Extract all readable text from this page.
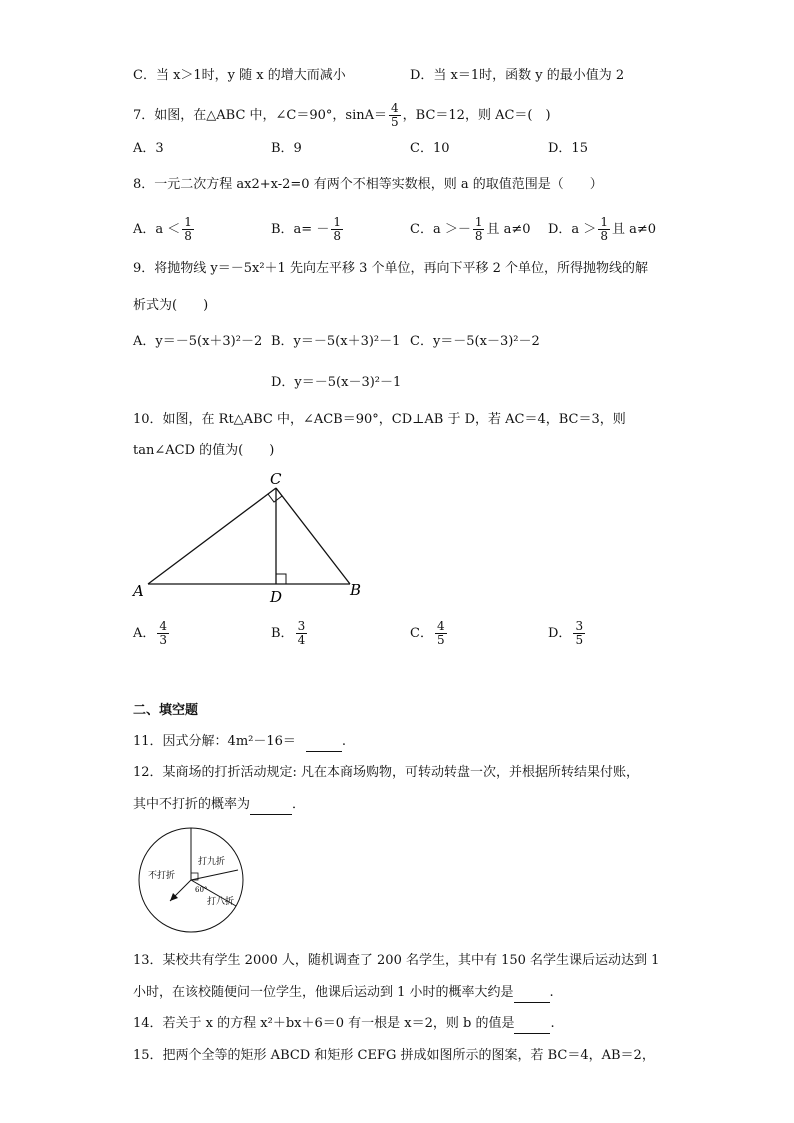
C．当 x＞1时，y 随 x 的增大而减小	D．当 x＝1时，函数 y 的最小值为 2
7．如图，在△ABC 中，∠C＝90°，$\sin A= \frac{4}{5}$ ，BC＝12，则 AC＝(　)
A．3	B．9	C．10	D．15
8．一元二次方程 ax2+x-2=0 有两个不相等实数根，则 a 的取值范围是（　　）
A．$a < \frac{1}{8}$	B．$a= - \frac{1}{8}$	C．$a >- \frac{1}{8}$ 且 a≠0 D．$a > \frac{1}{8}$ 且 a≠0
9．将抛物线 y＝－5x²＋1 先向左平移 3 个单位，再向下平移 2 个单位，所得抛物线的解
析式为(　　)
A．y＝－5(x＋3)²－2 B．y＝－5(x＋3)²－1 C．y＝－5(x－3)²－2
D．y＝－5(x－3)²－1
10．如图，在 Rt△ABC 中，∠ACB＝90°，CD⊥AB 于 D，若 AC＝4，BC＝3，则
tan∠ACD 的值为(　　)
C
A	D	B
A． $\frac{4}{3}$	B． $\frac{3}{4}$	C． $\frac{4}{5}$	D． $\frac{3}{5}$
二、填空题
11．因式分解：4m²－16＝	.
12．某商场的打折活动规定: 凡在本商场购物，可转动转盘一次，并根据所转结果付账，
其中不打折的概率为	．
打九折
不打折
打八折
60°
13．某校共有学生 2000 人，随机调查了 200 名学生，其中有 150 名学生课后运动达到 1
小时，在该校随便问一位学生，他课后运动到 1 小时的概率大约是	.
14．若关于 x 的方程 x²＋bx＋6＝0 有一根是 x＝2，则 b 的值是	.
15．把两个全等的矩形 ABCD 和矩形 CEFG 拼成如图所示的图案，若 BC＝4，AB＝2，
